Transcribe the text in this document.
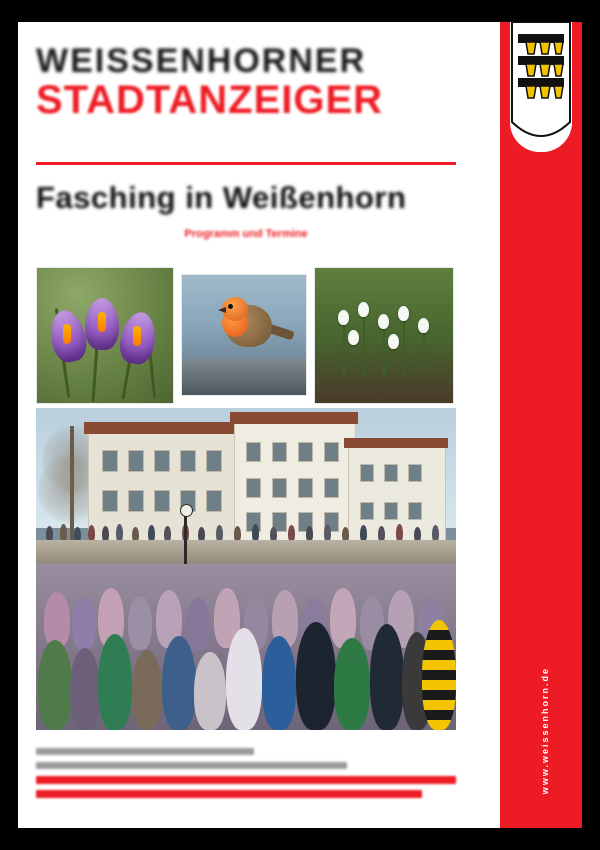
www.weissenhorn.de
WEISSENHORNER
STADTANZEIGER
Fasching in Weißenhorn
Programm und Termine
